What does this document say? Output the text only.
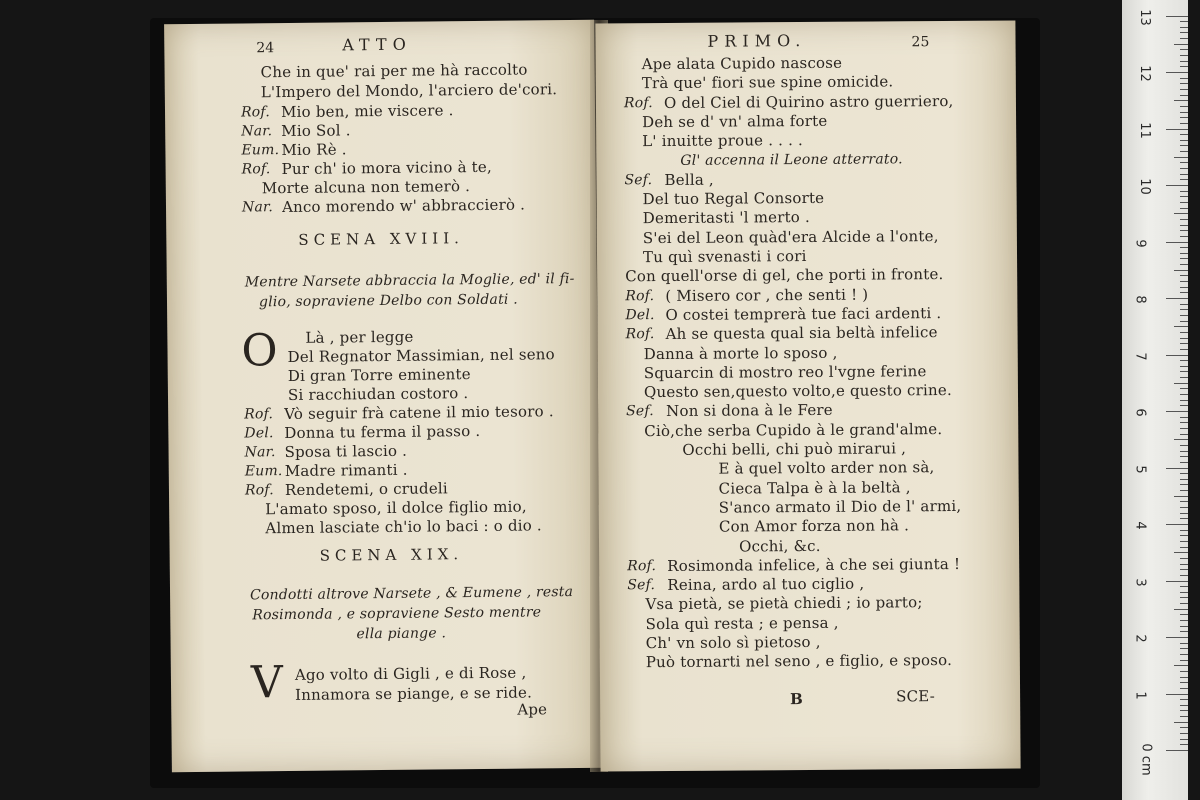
24	ATTO
Che in que' rai per me hà raccolto
L'Impero del Mondo, l'arciero de'cori.
Rof. Mio ben, mie viscere .
Nar. Mio Sol .
Eum. Mio Rè .
Rof. Pur ch' io mora vicino à te,
Morte alcuna non temerò .
Nar. Anco morendo w' abbraccierò .
SCENA XVIII.
Mentre Narsete abbraccia la Moglie, ed' il fi-
glio, sopraviene Delbo con Soldati .
O Là , per legge
Del Regnator Massimian, nel seno
Di gran Torre eminente
Si racchiudan costoro .
Rof. Vò seguir frà catene il mio tesoro .
Del. Donna tu ferma il passo .
Nar. Sposa ti lascio .
Eum. Madre rimanti .
Rof. Rendetemi, o crudeli
L'amato sposo, il dolce figlio mio,
Almen lasciate ch'io lo baci : o dio .
SCENA XIX.
Condotti altrove Narsete , & Eumene , resta
Rosimonda , e sopraviene Sesto mentre
ella piange .
V Ago volto di Gigli , e di Rose ,
Innamora se piange, e se ride.
Ape
PRIMO.	25
Ape alata Cupido nascose
Trà que' fiori sue spine omicide.
Rof. O del Ciel di Quirino astro guerriero,
Deh se d' vn' alma forte
L' inuitte proue . . . .
Gl' accenna il Leone atterrato.
Sef. Bella ,
Del tuo Regal Consorte
Demeritasti 'l merto .
S'ei del Leon quàd'era Alcide a l'onte,
Tu quì svenasti i cori
Con quell'orse di gel, che porti in fronte.
Rof. ( Misero cor , che senti ! )
Del. O costei temprerà tue faci ardenti .
Rof. Ah se questa qual sia beltà infelice
Danna à morte lo sposo ,
Squarcin di mostro reo l'vgne ferine
Questo sen,questo volto,e questo crine.
Sef. Non si dona à le Fere
Ciò,che serba Cupido à le grand'alme.
Occhi belli, chi può mirarui ,
E à quel volto arder non sà,
Cieca Talpa è à la beltà ,
S'anco armato il Dio de l' armi,
Con Amor forza non hà .
Occhi, &c.
Rof. Rosimonda infelice, à che sei giunta !
Sef. Reina, ardo al tuo ciglio ,
Vsa pietà, se pietà chiedi ; io parto;
Sola quì resta ; e pensa ,
Ch' vn solo sì pietoso ,
Può tornarti nel seno , e figlio, e sposo.
B	SCE-
0 cm
1
2
3
4
5
6
7
8
9
10
11
12
13
